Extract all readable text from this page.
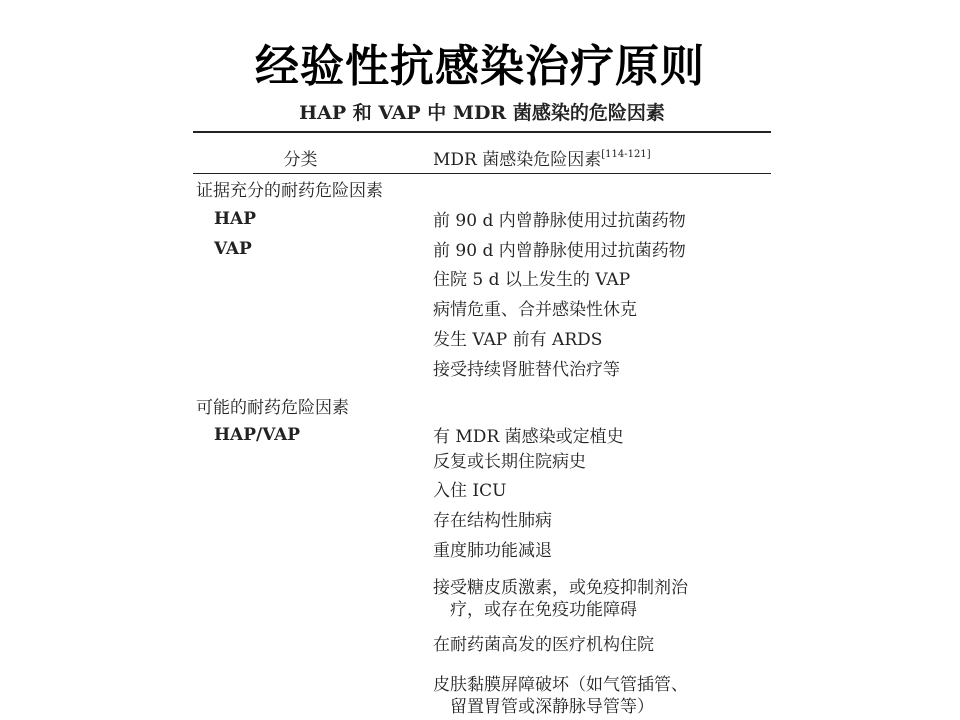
经验性抗感染治疗原则
HAP 和 VAP 中 MDR 菌感染的危险因素
分类	MDR 菌感染危险因素[114-121]
证据充分的耐药危险因素
HAP	前 90 d 内曾静脉使用过抗菌药物
VAP	前 90 d 内曾静脉使用过抗菌药物
住院 5 d 以上发生的 VAP
病情危重、合并感染性休克
发生 VAP 前有 ARDS
接受持续肾脏替代治疗等
可能的耐药危险因素
HAP/VAP	有 MDR 菌感染或定植史
反复或长期住院病史
入住 ICU
存在结构性肺病
重度肺功能减退
接受糖皮质激素，或免疫抑制剂治
疗，或存在免疫功能障碍
在耐药菌高发的医疗机构住院
皮肤黏膜屏障破坏（如气管插管、
留置胃管或深静脉导管等）
